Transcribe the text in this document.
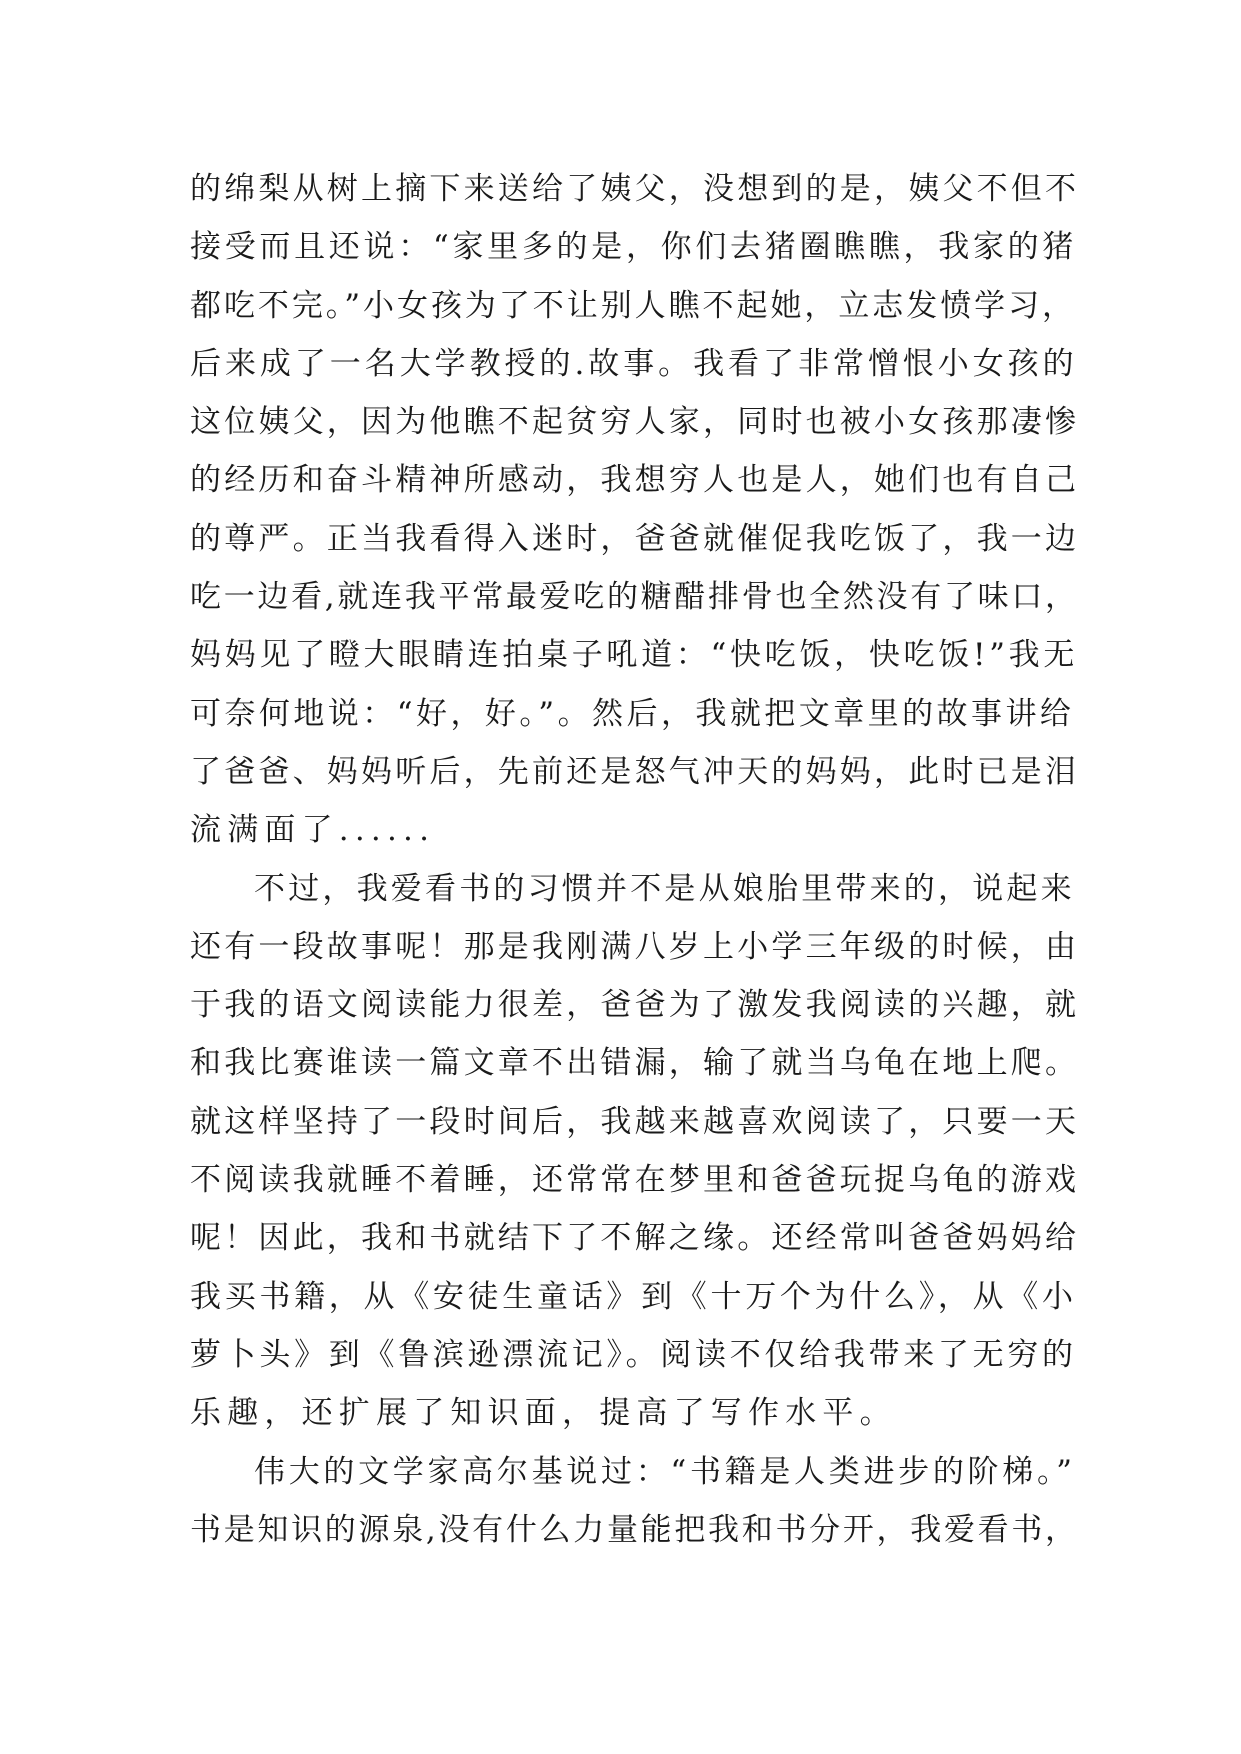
的绵梨从树上摘下来送给了姨父，没想到的是，姨父不但不
接受而且还说：“家里多的是，你们去猪圈瞧瞧，我家的猪
都吃不完。”小女孩为了不让别人瞧不起她，立志发愤学习，
后来成了一名大学教授的.故事。我看了非常憎恨小女孩的
这位姨父，因为他瞧不起贫穷人家，同时也被小女孩那凄惨
的经历和奋斗精神所感动，我想穷人也是人，她们也有自己
的尊严。正当我看得入迷时，爸爸就催促我吃饭了，我一边
吃一边看,就连我平常最爱吃的糖醋排骨也全然没有了味口，
妈妈见了瞪大眼睛连拍桌子吼道：“快吃饭，快吃饭!”我无
可奈何地说：“好，好。”。然后，我就把文章里的故事讲给
了爸爸、妈妈听后，先前还是怒气冲天的妈妈，此时已是泪
流满面了......
不过，我爱看书的习惯并不是从娘胎里带来的，说起来
还有一段故事呢！那是我刚满八岁上小学三年级的时候，由
于我的语文阅读能力很差，爸爸为了激发我阅读的兴趣，就
和我比赛谁读一篇文章不出错漏，输了就当乌龟在地上爬。
就这样坚持了一段时间后，我越来越喜欢阅读了，只要一天
不阅读我就睡不着睡，还常常在梦里和爸爸玩捉乌龟的游戏
呢！因此，我和书就结下了不解之缘。还经常叫爸爸妈妈给
我买书籍，从《安徒生童话》到《十万个为什么》，从《小
萝卜头》到《鲁滨逊漂流记》。阅读不仅给我带来了无穷的
乐趣，还扩展了知识面，提高了写作水平。
伟大的文学家高尔基说过：“书籍是人类进步的阶梯。”
书是知识的源泉,没有什么力量能把我和书分开，我爱看书，
